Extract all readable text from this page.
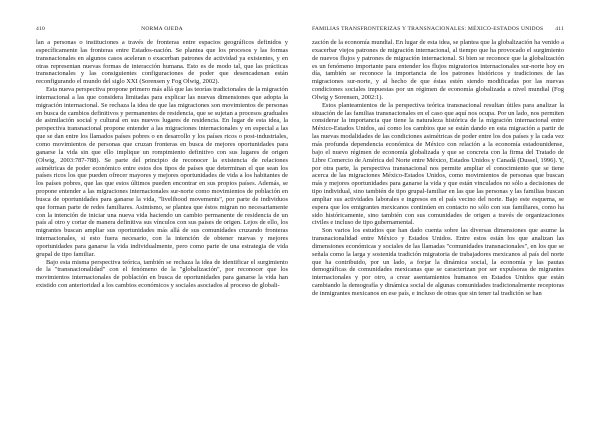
410	NORMA OJEDA

lan a personas o instituciones a través de fronteras entre espacios geográficos definidos y específicamente las fronteras entre Estados-nación. Se plantea que los procesos y las formas transnacionales en algunos casos aceleran o exacerban patrones de actividad ya existentes, y en otras representan nuevas formas de interacción humana. Esto es de modo tal, que las prácticas transnacionales y las consiguientes configuraciones de poder que desencadenan están reconfigurando el mundo del siglo XXI (Sorensen y Fog Olwig, 2002).

Esta nueva perspectiva propone primero más allá que las teorías tradicionales de la migración internacional a las que considera limitadas para explicar las nuevas dimensiones que adopta la migración internacional. Se rechaza la idea de que las migraciones son movimientos de personas en busca de cambios definitivos y permanentes de residencia, que se sujetan a procesos graduales de asimilación social y cultural en sus nuevos lugares de residencia. En lugar de esta idea, la perspectiva transnacional propone entender a las migraciones internacionales y en especial a las que se dan entre los llamados países pobres o en desarrollo y los países ricos o post-industriales, como movimientos de personas que cruzan fronteras en busca de mejores oportunidades para ganarse la vida sin que ello implique un rompimiento definitivo con sus lugares de origen (Olwig, 2003:787-788). Se parte del principio de reconocer la existencia de relaciones asimétricas de poder económico entre estos dos tipos de países que determinan el que sean los países ricos los que pueden ofrecer mayores y mejores oportunidades de vida a los habitantes de los países pobres, que las que estos últimos pueden encontrar en sus propios países. Además, se propone entender a las migraciones internacionales sur-norte como movimientos de población en busca de oportunidades para ganarse la vida, "livelihood movements", por parte de individuos que forman parte de redes familiares. Asimismo, se plantea que éstos migran no necesariamente con la intención de iniciar una nueva vida haciendo un cambio permanente de residencia de un país al otro y cortar de manera definitiva sus vínculos con sus países de origen. Lejos de ello, los migrantes buscan ampliar sus oportunidades más allá de sus comunidades cruzando fronteras internacionales, si esto fuera necesario, con la intención de obtener nuevas y mejores oportunidades para ganarse la vida individualmente, pero como parte de una estrategia de vida grupal de tipo familiar.

Bajo esta misma perspectiva teórica, también se rechaza la idea de identificar el surgimiento de la "transnacionalidad" con el fenómeno de la "globalización", por reconocer que los movimientos internacionales de población en busca de oportunidades para ganarse la vida han existido con anterioridad a los cambios económicos y sociales asociados al proceso de globali-

FAMILIAS TRANSFRONTERIZAS Y TRANSNACIONALES: MÉXICO-ESTADOS UNIDOS 411

zación de la economía mundial. En lugar de esta idea, se plantea que la globalización ha venido a exacerbar viejos patrones de migración internacional, al tiempo que ha provocado el surgimiento de nuevos flujos y patrones de migración internacional. Si bien se reconoce que la globalización es un fenómeno importante para entender los flujos migratorios internacionales sur-norte hoy en día, también se reconoce la importancia de los patrones históricos y tradiciones de las migraciones sur-norte, y al hecho de que éstas estén siendo modificadas por las nuevas condiciones sociales impuestas por un régimen de economía globalizada a nivel mundial (Fog Olwig y Sorensen, 2002:1).

Estos planteamientos de la perspectiva teórica transnacional resultan útiles para analizar la situación de las familias transnacionales en el caso que aquí nos ocupa. Por un lado, nos permiten considerar la importancia que tiene la naturaleza histórica de la migración internacional entre México-Estados Unidos, así como los cambios que se están dando en esta migración a partir de las nuevas modalidades de las condiciones asimétricas de poder entre los dos países y la cada vez más profunda dependencia económica de México con relación a la economía estadounidense, bajo el nuevo régimen de economía globalizada y que se concreta con la firma del Tratado de Libre Comercio de América del Norte entre México, Estados Unidos y Canadá (Dussel, 1996). Y, por otra parte, la perspectiva transnacional nos permite ampliar el conocimiento que se tiene acerca de las migraciones México-Estados Unidos, como movimientos de personas que buscan más y mejores oportunidades para ganarse la vida y que están vinculados no sólo a decisiones de tipo individual, sino también de tipo grupal-familiar en las que las personas y las familias buscan ampliar sus actividades laborales e ingresos en el país vecino del norte. Bajo este esquema, se espera que los emigrantes mexicanos continúen en contacto no sólo con sus familiares, como ha sido históricamente, sino también con sus comunidades de origen a través de organizaciones civiles e incluso de tipo gubernamental.

Son varios los estudios que han dado cuenta sobre las diversas dimensiones que asume la transnacionalidad entre México y Estados Unidos. Entre estos están los que analizan las dimensiones económicas y sociales de las llamadas "comunidades transnacionales", en los que se señala como la larga y sostenida tradición migratoria de trabajadores mexicanos al país del norte que ha contribuido, por un lado, a forjar la dinámica social, la economía y las pautas demográficas de comunidades mexicanas que se caracterizan por ser expulsoras de migrantes internacionales y por otro, a crear asentamientos humanos en Estados Unidos que están cambiando la demografía y dinámica social de algunas comunidades tradicionalmente receptoras de inmigrantes mexicanos en ese país, e incluso de otras que sin tener tal tradición se han
